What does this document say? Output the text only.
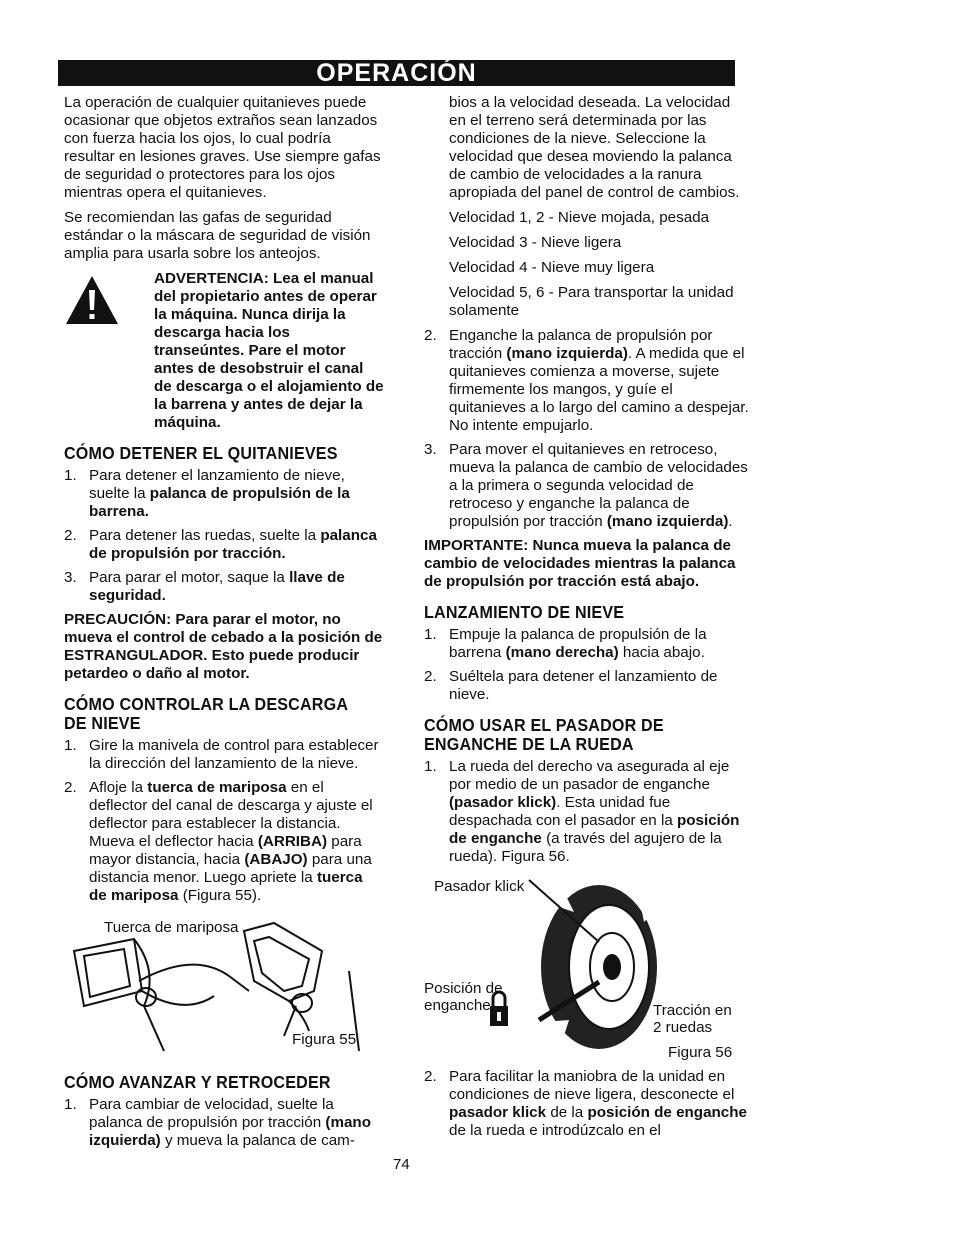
OPERACIÓN

La operación de cualquier quitanieves puede ocasionar que objetos extraños sean lanzados con fuerza hacia los ojos, lo cual podría resultar en lesiones graves. Use siempre gafas de seguridad o protectores para los ojos mientras opera el quitanieves.

Se recomiendan las gafas de seguridad estándar o la máscara de seguridad de visión amplia para usarla sobre los anteojos.

ADVERTENCIA: Lea el manual del propietario antes de operar la máquina. Nunca dirija la descarga hacia los transeúntes. Pare el motor antes de desobstruir el canal de descarga o el alojamiento de la barrena y antes de dejar la máquina.
CÓMO DETENER EL QUITANIEVES
1. Para detener el lanzamiento de nieve, suelte la palanca de propulsión de la barrena.
2. Para detener las ruedas, suelte la palanca de propulsión por tracción.
3. Para parar el motor, saque la llave de seguridad.

PRECAUCIÓN: Para parar el motor, no mueva el control de cebado a la posición de ESTRANGULADOR. Esto puede producir petardeo o daño al motor.

CÓMO CONTROLAR LA DESCARGA DE NIEVE
1. Gire la manivela de control para establecer la dirección del lanzamiento de la nieve.
2. Afloje la tuerca de mariposa en el deflector del canal de descarga y ajuste el deflector para establecer la distancia. Mueva el deflector hacia (ARRIBA) para mayor distancia, hacia (ABAJO) para una distancia menor. Luego apriete la tuerca de mariposa (Figura 55).
Tuerca de mariposa
Figura 55
CÓMO AVANZAR Y RETROCEDER
1. Para cambiar de velocidad, suelte la palanca de propulsión por tracción (mano izquierda) y mueva la palanca de cam-

bios a la velocidad deseada. La velocidad en el terreno será determinada por las condiciones de la nieve. Seleccione la velocidad que desea moviendo la palanca de cambio de velocidades a la ranura apropiada del panel de control de cambios.

Velocidad 1, 2 - Nieve mojada, pesada

Velocidad 3 - Nieve ligera

Velocidad 4 - Nieve muy ligera

Velocidad 5, 6 - Para transportar la unidad solamente

2. Enganche la palanca de propulsión por tracción (mano izquierda). A medida que el quitanieves comienza a moverse, sujete firmemente los mangos, y guíe el quitanieves a lo largo del camino a despejar. No intente empujarlo.
3. Para mover el quitanieves en retroceso, mueva la palanca de cambio de velocidades a la primera o segunda velocidad de retroceso y enganche la palanca de propulsión por tracción (mano izquierda).

IMPORTANTE: Nunca mueva la palanca de cambio de velocidades mientras la palanca de propulsión por tracción está abajo.

LANZAMIENTO DE NIEVE
1. Empuje la palanca de propulsión de la barrena (mano derecha) hacia abajo.
2. Suéltela para detener el lanzamiento de nieve.
CÓMO USAR EL PASADOR DE ENGANCHE DE LA RUEDA
1. La rueda del derecho va asegurada al eje por medio de un pasador de enganche (pasador klick). Esta unidad fue despachada con el pasador en la posición de enganche (a través del agujero de la rueda). Figura 56.
Pasador klick
Posición de
enganche	Tracción en
2 ruedas
Figura 56
2. Para facilitar la maniobra de la unidad en condiciones de nieve ligera, desconecte el pasador klick de la posición de enganche de la rueda e introdúzcalo en el
74
